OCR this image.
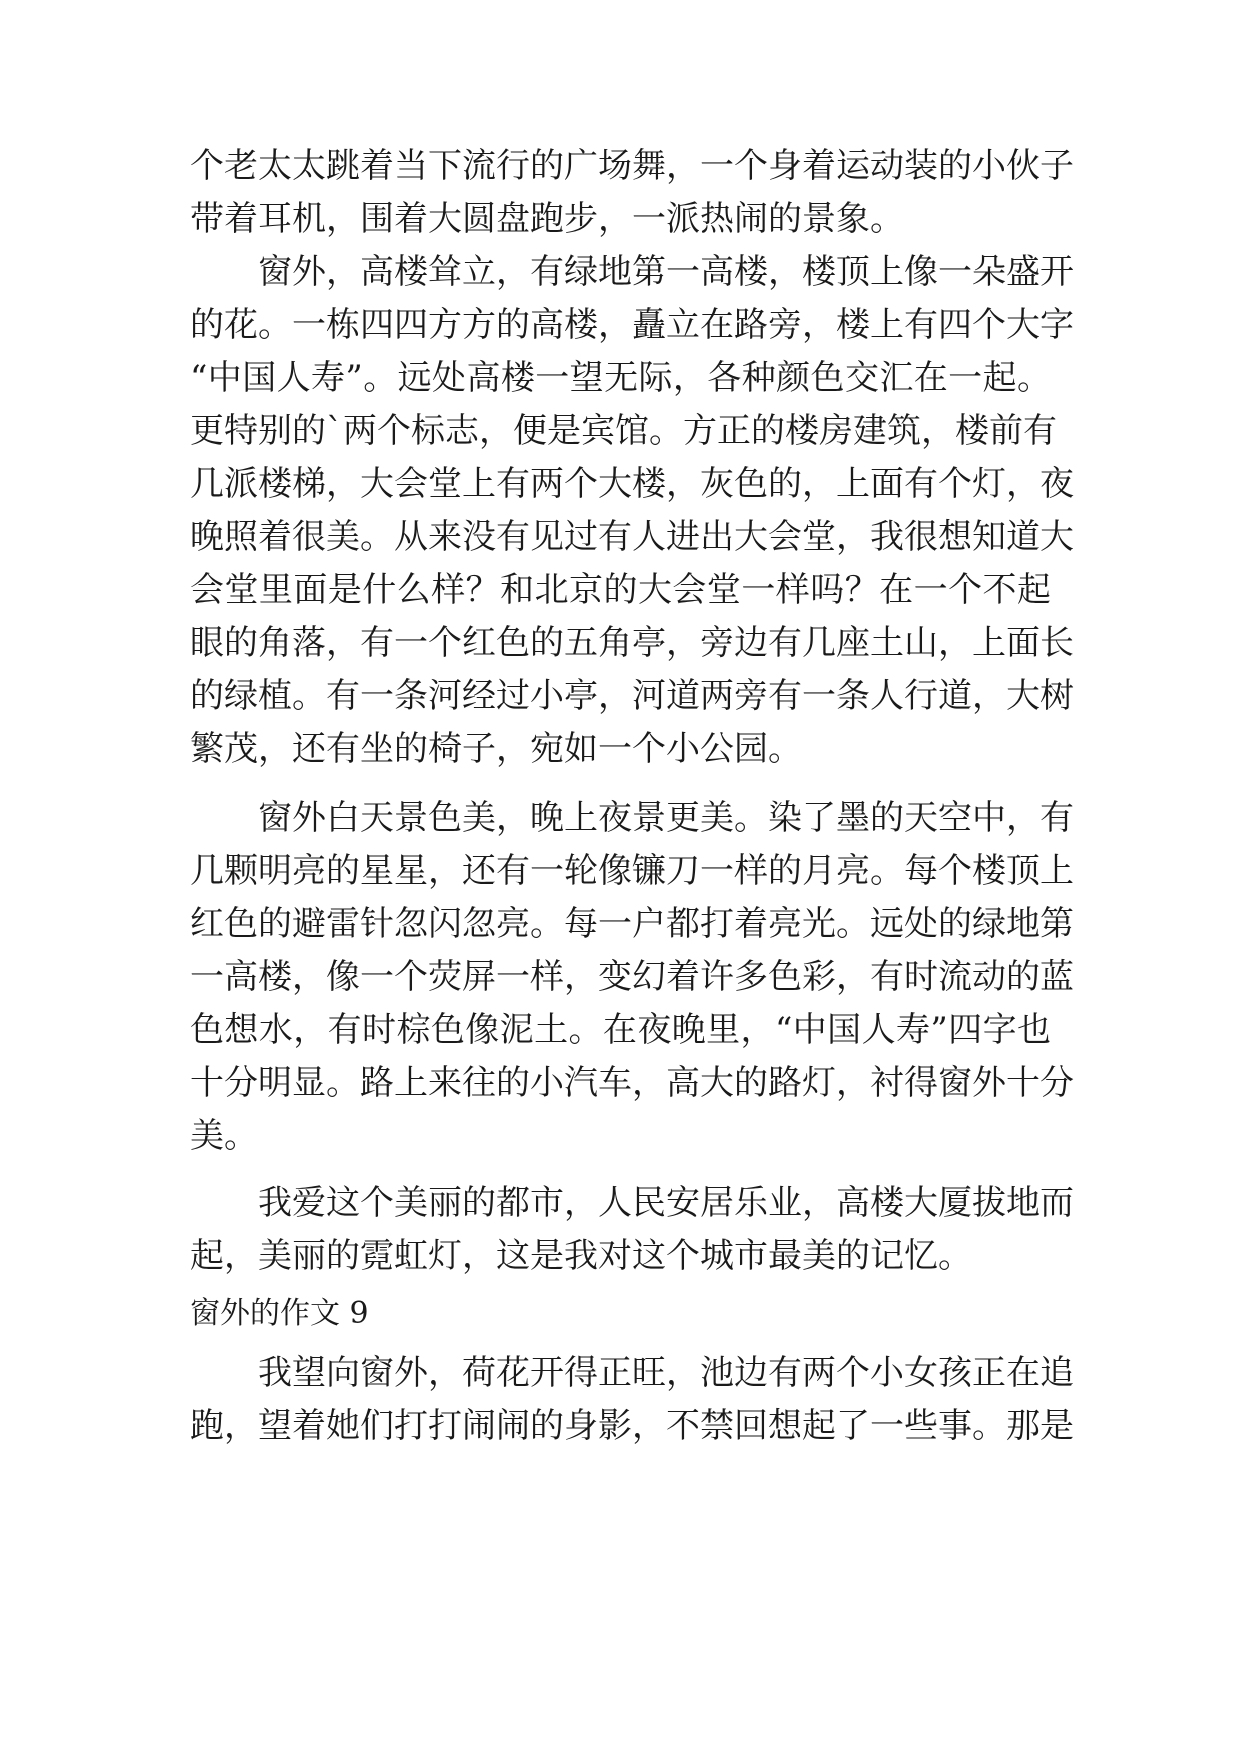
个老太太跳着当下流行的广场舞，一个身着运动装的小伙子
带着耳机，围着大圆盘跑步，一派热闹的景象。
窗外，高楼耸立，有绿地第一高楼，楼顶上像一朵盛开
的花。一栋四四方方的高楼，矗立在路旁，楼上有四个大字
“中国人寿”。远处高楼一望无际，各种颜色交汇在一起。
更特别的`两个标志，便是宾馆。方正的楼房建筑，楼前有
几派楼梯，大会堂上有两个大楼，灰色的，上面有个灯，夜
晚照着很美。从来没有见过有人进出大会堂，我很想知道大
会堂里面是什么样？和北京的大会堂一样吗？在一个不起
眼的角落，有一个红色的五角亭，旁边有几座土山，上面长
的绿植。有一条河经过小亭，河道两旁有一条人行道，大树
繁茂，还有坐的椅子，宛如一个小公园。
窗外白天景色美，晚上夜景更美。染了墨的天空中，有
几颗明亮的星星，还有一轮像镰刀一样的月亮。每个楼顶上
红色的避雷针忽闪忽亮。每一户都打着亮光。远处的绿地第
一高楼，像一个荧屏一样，变幻着许多色彩，有时流动的蓝
色想水，有时棕色像泥土。在夜晚里，“中国人寿”四字也
十分明显。路上来往的小汽车，高大的路灯，衬得窗外十分
美。
我爱这个美丽的都市，人民安居乐业，高楼大厦拔地而
起，美丽的霓虹灯，这是我对这个城市最美的记忆。
窗外的作文 9
我望向窗外，荷花开得正旺，池边有两个小女孩正在追
跑，望着她们打打闹闹的身影，不禁回想起了一些事。那是
